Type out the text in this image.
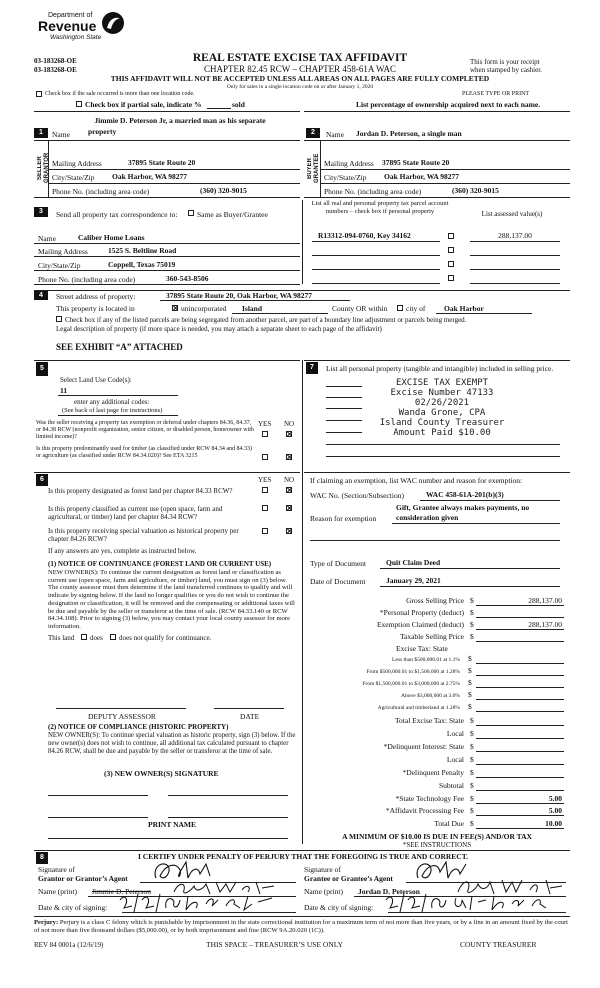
Department of
Revenue
Washington State
03-183268-OE
03-183268-OE
REAL ESTATE EXCISE TAX AFFIDAVIT
CHAPTER 82.45 RCW – CHAPTER 458-61A WAC
This form is your receipt
when stamped by cashier.
THIS AFFIDAVIT WILL NOT BE ACCEPTED UNLESS ALL AREAS ON ALL PAGES ARE FULLY COMPLETED
Only for sales in a single location code on or after January 1, 2020
Check box if the sale occurred is more than one location code.	PLEASE TYPE OR PRINT
Check box if partial sale, indicate %	sold	List percentage of ownership acquired next to each name.
1
Jimmie D. Peterson Jr, a married man as his separate
Name property
SELLER GRANTOR Mailing Address	37895 State Route 20
City/State/Zip Oak Harbor, WA 98277
Phone No. (including area code)	(360) 320-9015
2	Name Jordan D. Peterson, a single man
BUYER GRANTEE Mailing Address 37895 State Route 20
City/State/Zip Oak Harbor, WA 98277
Phone No. (including area code)	(360) 320-9015
3	Send all property tax correspondence to:	Same as Buyer/Grantee
List all real and personal property tax parcel account numbers – check box if personal property	List assessed value(s)
Name	Caliber Home Loans
Mailing Address	1525 S. Beltline Road
City/State/Zip	Coppell, Texas 75019
Phone No. (including area code)	360-543-8506
R13312-094-0760, Key 34162	288,137.00
4	Street address of property:	37895 State Route 20, Oak Harbor, WA 98277
This property is located in	unincorporated Island	County OR within city of Oak Harbor
Check box if any of the listed parcels are being segregated from another parcel, are part of a boundary line adjustment or parcels being merged.
Legal description of property (if more space is needed, you may attach a separate sheet to each page of the affidavit)
SEE EXHIBIT “A” ATTACHED
5
Select Land Use Code(s):
11
enter any additional codes:
(See back of last page for instructions)
YES NO
Was the seller receiving a property tax exemption or deferral under chapters 84.36, 84.37, or 84.38 RCW (nonprofit organization, senior citizen, or disabled person, homeowner with limited income)?
Is this property predominantly used for timber (as classified under RCW 84.34 and 84.33) or agriculture (as classified under RCW 84.34.020)? See ETA 3215
6	YES NO
Is this property designated as forest land per chapter 84.33 RCW?
Is this property classified as current use (open space, farm and agricultural, or timber) land per chapter 84.34 RCW?
Is this property receiving special valuation as historical property per chapter 84.26 RCW?
If any answers are yes, complete as instructed below.
(1) NOTICE OF CONTINUANCE (FOREST LAND OR CURRENT USE)
NEW OWNER(S): To continue the current designation as forest land or classification as current use (open space, farm and agriculture, or timber) land, you must sign on (3) below. The county assessor must then determine if the land transferred continues to qualify and will indicate by signing below. If the land no longer qualifies or you do not wish to continue the designation or classification, it will be removed and the compensating or additional taxes will be due and payable by the seller or transferor at the time of sale. (RCW 84.33.140 or RCW 84.34.108). Prior to signing (3) below, you may contact your local county assessor for more information.
This land does does not qualify for continuance.
DEPUTY ASSESSOR	DATE
(2) NOTICE OF COMPLIANCE (HISTORIC PROPERTY)
NEW OWNER(S): To continue special valuation as historic property, sign (3) below. If the new owner(s) does not wish to continue, all additional tax calculated pursuant to chapter 84.26 RCW, shall be due and payable by the seller or transferor at the time of sale.
(3) NEW OWNER(S) SIGNATURE
PRINT NAME
7	List all personal property (tangible and intangible) included in selling price.
EXCISE TAX EXEMPT
Excise Number 47133
02/26/2021
Wanda Grone, CPA
Island County Treasurer
Amount Paid $10.00
If claiming an exemption, list WAC number and reason for exemption:
WAC No. (Section/Subsection)	WAC 458-61A-201(b)(3)
Gift, Grantee always makes payments, no
Reason for exemption	consideration given
Type of Document	Quit Claim Deed
Date of Document	January 29, 2021
Gross Selling Price $	288,137.00
*Personal Property (deduct) $
Exemption Claimed (deduct) $	288,137.00
Taxable Selling Price $
Excise Tax: State
Less than $500,000.01 at 1.1% $
From $500,000.01 to $1,500,000 at 1.28% $
From $1,500,000.01 to $3,000,000 at 2.75% $
Above $3,000,000 at 3.0% $
Agricultural and timberland at 1.28% $
Total Excise Tax: State $
Local $
*Delinquent Interest: State $
Local $
*Delinquent Penalty $
Subtotal $
*State Technology Fee $	5.00
*Affidavit Processing Fee $	5.00
Total Due $	10.00
A MINIMUM OF $10.00 IS DUE IN FEE(S) AND/OR TAX
*SEE INSTRUCTIONS
8	I CERTIFY UNDER PENALTY OF PERJURY THAT THE FOREGOING IS TRUE AND CORRECT.
Signature of
Grantor or Grantor’s Agent
Name (print) Jimmie D. Peterson
Date & city of signing:
Signature of
Grantee or Grantee’s Agent
Name (print) Jordan D. Peterson
Date & city of signing:
Perjury: Perjury is a class C felony which is punishable by imprisonment in the state correctional institution for a maximum term of not more than five years, or by a fine in an amount fixed by the court of not more than five thousand dollars ($5,000.00), or by both imprisonment and fine (RCW 9A.20.020 (1C)).
REV 84 0001a (12/6/19)	THIS SPACE – TREASURER’S USE ONLY	COUNTY TREASURER
